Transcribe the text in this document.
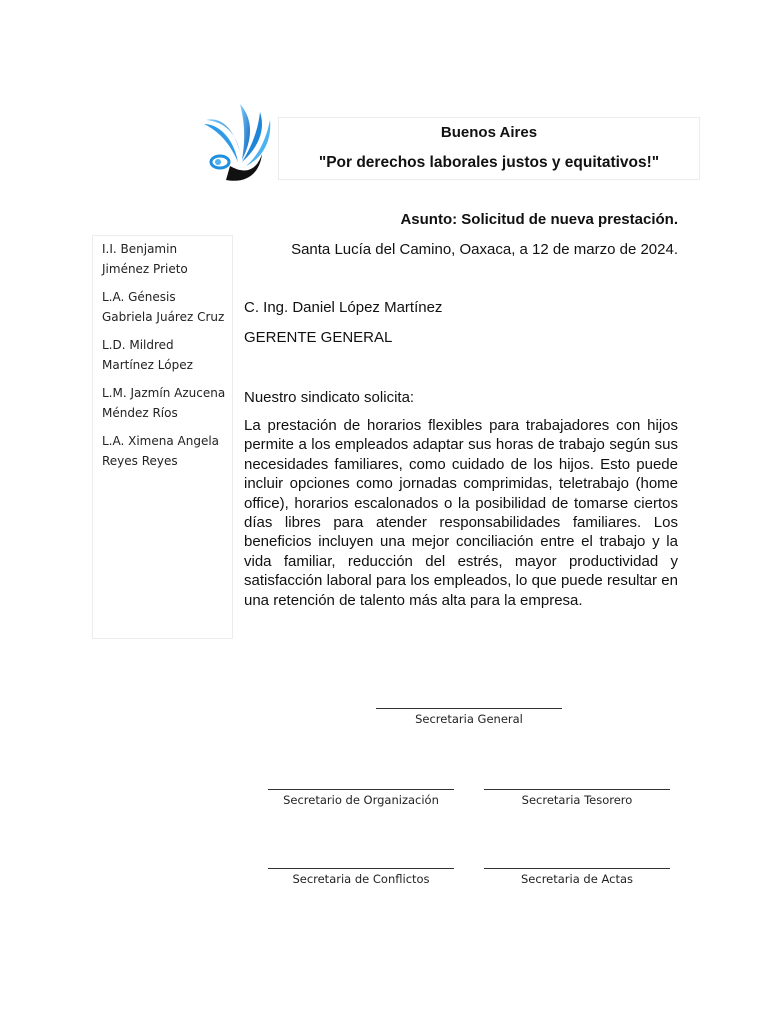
Buenos Aires
"Por derechos laborales justos y equitativos!"
I.I. Benjamin Jiménez Prieto
L.A. Génesis Gabriela Juárez Cruz
L.D. Mildred Martínez López
L.M. Jazmín Azucena Méndez Ríos
L.A. Ximena Angela Reyes Reyes
Asunto: Solicitud de nueva prestación.
Santa Lucía del Camino, Oaxaca, a 12 de marzo de 2024.
C. Ing. Daniel López Martínez
GERENTE GENERAL
Nuestro sindicato solicita:
La prestación de horarios flexibles para trabajadores con hijos permite a los empleados adaptar sus horas de trabajo según sus necesidades familiares, como cuidado de los hijos. Esto puede incluir opciones como jornadas comprimidas, teletrabajo (home office), horarios escalonados o la posibilidad de tomarse ciertos días libres para atender responsabilidades familiares. Los beneficios incluyen una mejor conciliación entre el trabajo y la vida familiar, reducción del estrés, mayor productividad y satisfacción laboral para los empleados, lo que puede resultar en una retención de talento más alta para la empresa.
Secretaria General
Secretario de Organización	Secretaria Tesorero
Secretaria de Conflictos	Secretaria de Actas
